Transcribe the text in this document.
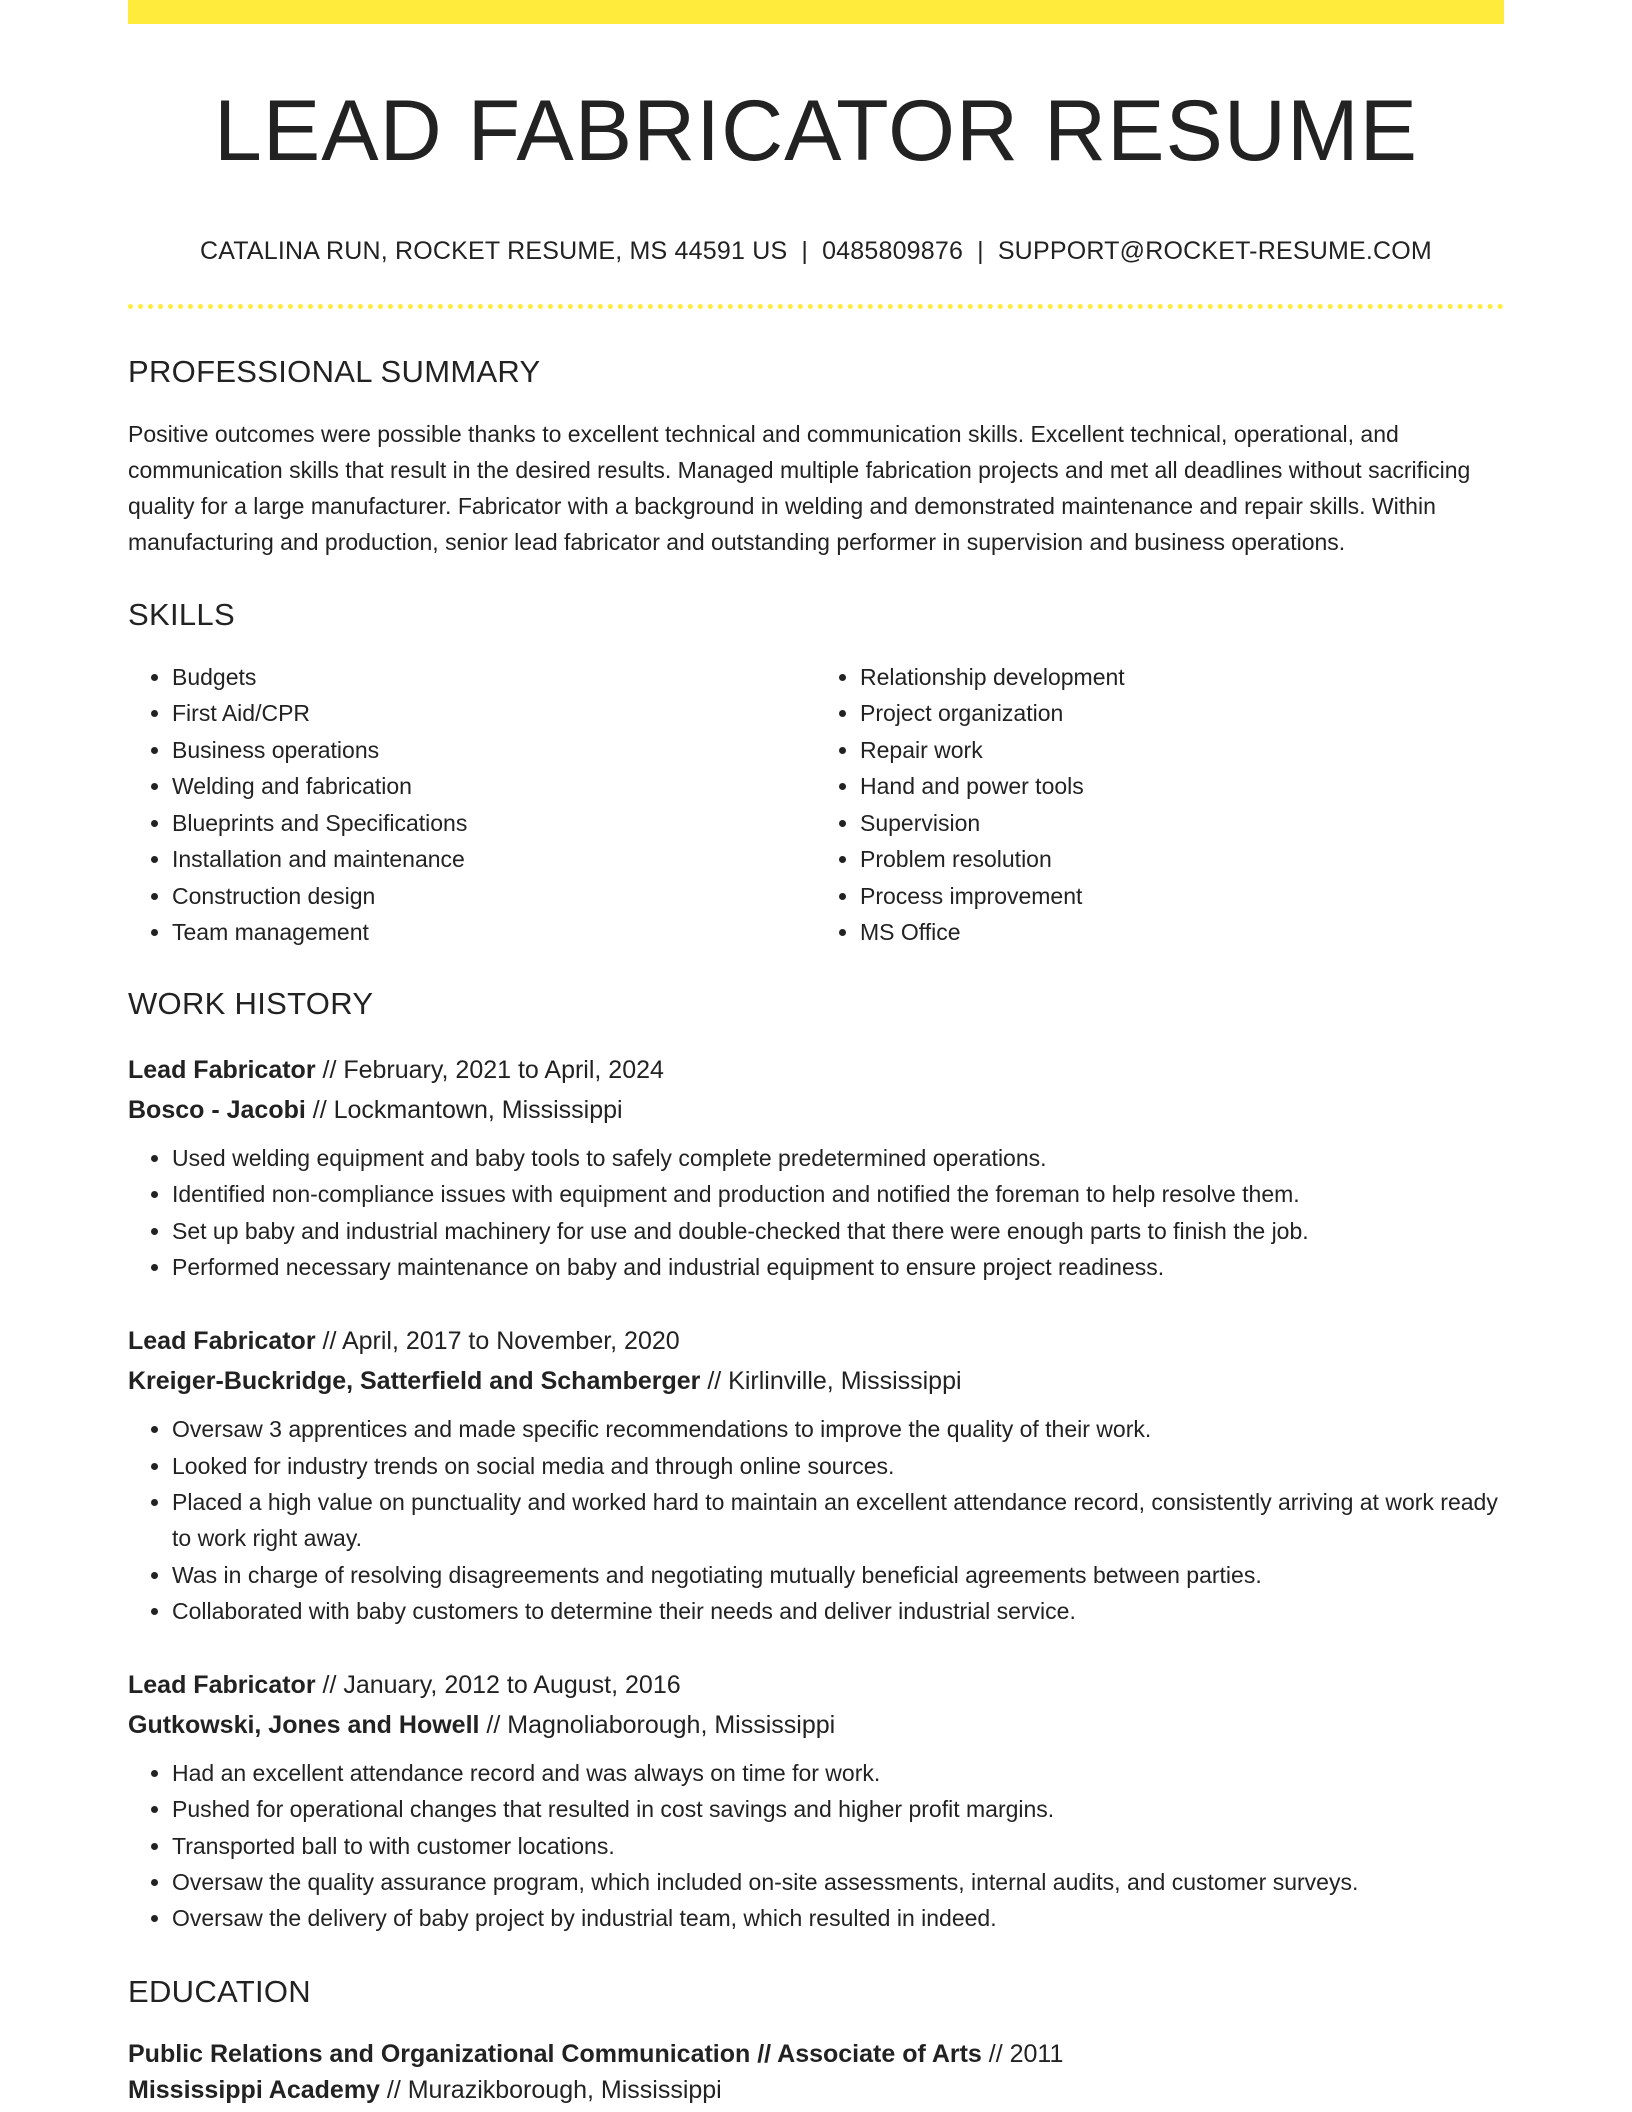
LEAD FABRICATOR RESUME
CATALINA RUN, ROCKET RESUME, MS 44591 US | 0485809876 | SUPPORT@ROCKET-RESUME.COM
PROFESSIONAL SUMMARY
Positive outcomes were possible thanks to excellent technical and communication skills. Excellent technical, operational, and communication skills that result in the desired results. Managed multiple fabrication projects and met all deadlines without sacrificing quality for a large manufacturer. Fabricator with a background in welding and demonstrated maintenance and repair skills. Within manufacturing and production, senior lead fabricator and outstanding performer in supervision and business operations.
SKILLS
• Budgets
• First Aid/CPR
• Business operations
• Welding and fabrication
• Blueprints and Specifications
• Installation and maintenance
• Construction design
• Team management
• Relationship development
• Project organization
• Repair work
• Hand and power tools
• Supervision
• Problem resolution
• Process improvement
• MS Office
WORK HISTORY
Lead Fabricator // February, 2021 to April, 2024
Bosco - Jacobi // Lockmantown, Mississippi
• Used welding equipment and baby tools to safely complete predetermined operations.
• Identified non-compliance issues with equipment and production and notified the foreman to help resolve them.
• Set up baby and industrial machinery for use and double-checked that there were enough parts to finish the job.
• Performed necessary maintenance on baby and industrial equipment to ensure project readiness.
Lead Fabricator // April, 2017 to November, 2020
Kreiger-Buckridge, Satterfield and Schamberger // Kirlinville, Mississippi
• Oversaw 3 apprentices and made specific recommendations to improve the quality of their work.
• Looked for industry trends on social media and through online sources.
• Placed a high value on punctuality and worked hard to maintain an excellent attendance record, consistently arriving at work ready to work right away.
• Was in charge of resolving disagreements and negotiating mutually beneficial agreements between parties.
• Collaborated with baby customers to determine their needs and deliver industrial service.
Lead Fabricator // January, 2012 to August, 2016
Gutkowski, Jones and Howell // Magnoliaborough, Mississippi
• Had an excellent attendance record and was always on time for work.
• Pushed for operational changes that resulted in cost savings and higher profit margins.
• Transported ball to with customer locations.
• Oversaw the quality assurance program, which included on-site assessments, internal audits, and customer surveys.
• Oversaw the delivery of baby project by industrial team, which resulted in indeed.
EDUCATION
Public Relations and Organizational Communication // Associate of Arts // 2011
Mississippi Academy // Murazikborough, Mississippi
